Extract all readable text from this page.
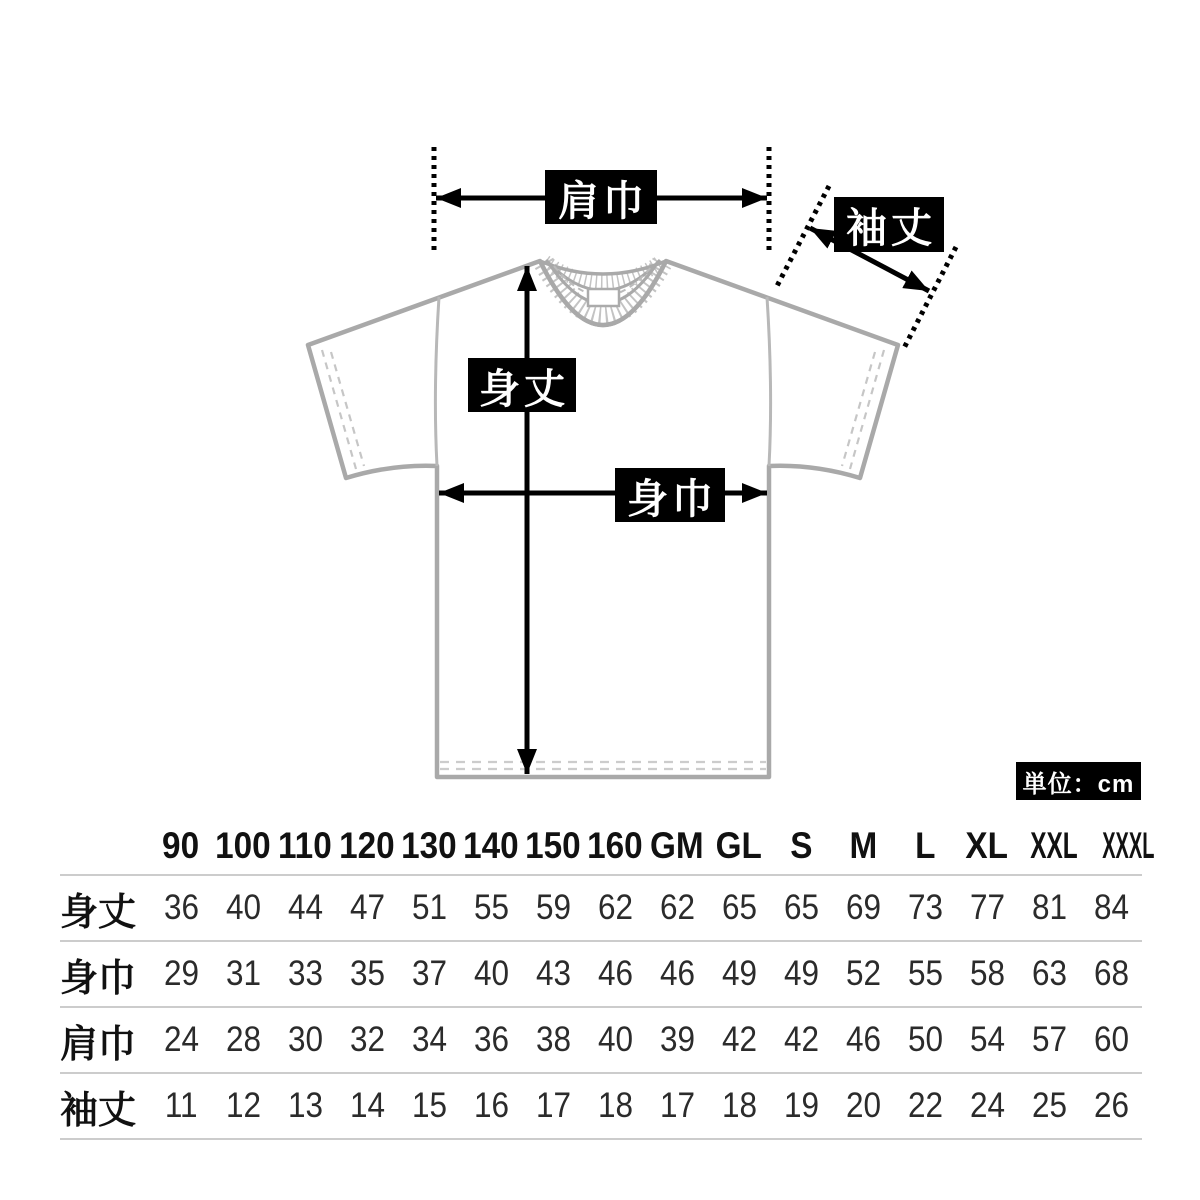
肩巾
袖丈
身丈
身巾
単位：cm
90 100 110 120 130 140 150 160 GM GL S	M	L XL XXL XXXL
身丈 36 40 44 47 51 55 59 62 62 65 65 69 73 77 81 84
身巾 29 31 33 35 37 40 43 46 46 49 49 52 55 58 63 68
肩巾 24 28 30 32 34 36 38 40 39 42 42 46 50 54 57 60
袖丈 11 12 13 14 15 16 17 18 17 18 19 20 22 24 25 26
